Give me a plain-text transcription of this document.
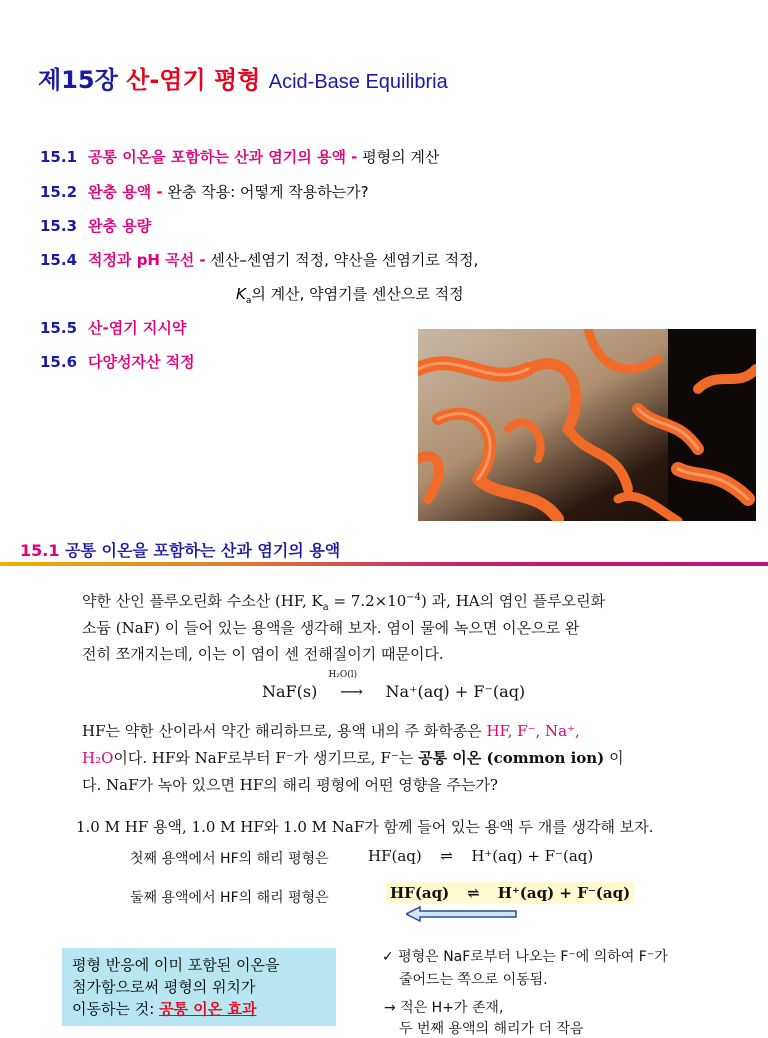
제15장 산-염기 평형 Acid-Base Equilibria
15.1 공통 이온을 포함하는 산과 염기의 용액 - 평형의 계산
15.2 완충 용액 - 완충 작용: 어떻게 작용하는가?
15.3 완충 용량
15.4 적정과 pH 곡선 - 센산–센염기 적정, 약산을 센염기로 적정,
$K_a$의 계산, 약염기를 센산으로 적정
15.5 산-염기 지시약
15.6 다양성자산 적정
15.1 공통 이온을 포함하는 산과 염기의 용액
약한 산인 플루오린화 수소산 (HF, $K_a = 7.2\times 10^{-4}$) 과, HA의 염인 플루오린화
소듐 (NaF) 이 들어 있는 용액을 생각해 보자. 염이 물에 녹으면 이온으로 완
전히 쪼개지는데, 이는 이 염이 센 전해질이기 때문이다.
NaF(s)
H₂O(l)
⟶ Na⁺(aq) + F⁻(aq)
HF는 약한 산이라서 약간 해리하므로, 용액 내의 주 화학종은 HF, F⁻, Na⁺,
H₂O이다. HF와 NaF로부터 F⁻가 생기므로, F⁻는 공통 이온 (common ion) 이
다. NaF가 녹아 있으면 HF의 해리 평형에 어떤 영향을 주는가?
1.0 M HF 용액, 1.0 M HF와 1.0 M NaF가 함께 들어 있는 용액 두 개를 생각해 보자.
첫째 용액에서 HF의 해리 평형은	HF(aq) ⇌ H⁺(aq) + F⁻(aq)
둘째 용액에서 HF의 해리 평형은	HF(aq) ⇌ H⁺(aq) + F⁻(aq)
평형 반응에 이미 포함된 이온을
첨가함으로써 평형의 위치가
이동하는 것: 공통 이온 효과
✓ 평형은 NaF로부터 나오는 F⁻에 의하여 F⁻가
줄어드는 쪽으로 이동됨.
→ 적은 H+가 존재,
두 번째 용액의 해리가 더 작음
